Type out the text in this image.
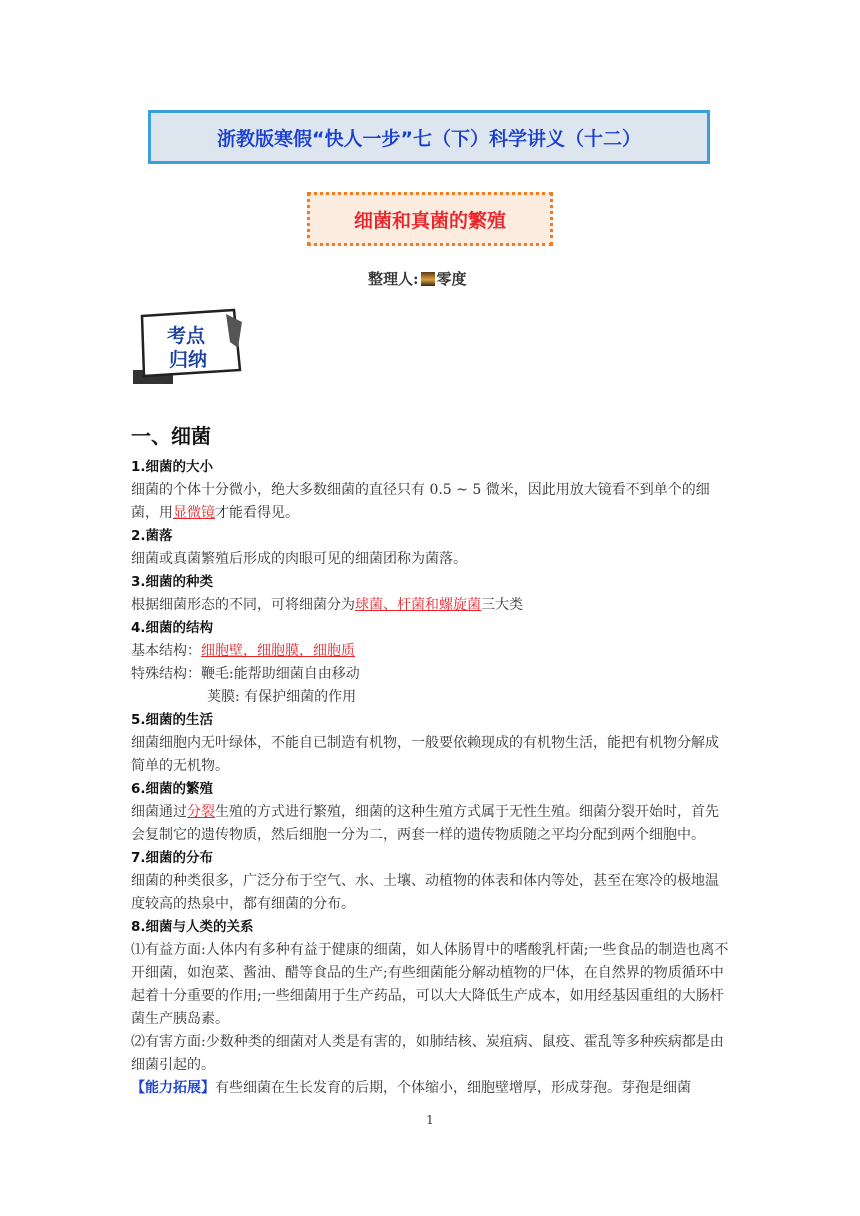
浙教版寒假“快人一步”七（下）科学讲义（十二）
细菌和真菌的繁殖
整理人: 零度
考点
归纳
一、细菌

1.细菌的大小

细菌的个体十分微小，绝大多数细菌的直径只有 0.5 ~ 5 微米，因此用放大镜看不到单个的细菌，用显微镜才能看得见。

2.菌落

细菌或真菌繁殖后形成的肉眼可见的细菌团称为菌落。

3.细菌的种类

根据细菌形态的不同，可将细菌分为球菌、杆菌和螺旋菌三大类

4.细菌的结构

基本结构：细胞壁，细胞膜，细胞质

特殊结构：鞭毛:能帮助细菌自由移动

荚膜: 有保护细菌的作用

5.细菌的生活

细菌细胞内无叶绿体，不能自已制造有机物，一般要依赖现成的有机物生活，能把有机物分解成简单的无机物。

6.细菌的繁殖

细菌通过分裂生殖的方式进行繁殖，细菌的这种生殖方式属于无性生殖。细菌分裂开始时，首先会复制它的遗传物质，然后细胞一分为二，两套一样的遗传物质随之平均分配到两个细胞中。

7.细菌的分布

细菌的种类很多，广泛分布于空气、水、土壤、动植物的体表和体内等处，甚至在寒冷的极地温度较高的热泉中，都有细菌的分布。

8.细菌与人类的关系

⑴有益方面:人体内有多种有益于健康的细菌，如人体肠胃中的嗜酸乳杆菌;一些食品的制造也离不开细菌，如泡菜、酱油、醋等食品的生产;有些细菌能分解动植物的尸体，在自然界的物质循环中起着十分重要的作用;一些细菌用于生产药品，可以大大降低生产成本，如用经基因重组的大肠杆菌生产胰岛素。

⑵有害方面:少数种类的细菌对人类是有害的，如肺结核、炭疽病、鼠疫、霍乱等多种疾病都是由细菌引起的。

【能力拓展】有些细菌在生长发育的后期，个体缩小，细胞壁增厚，形成芽孢。芽孢是细菌

1
